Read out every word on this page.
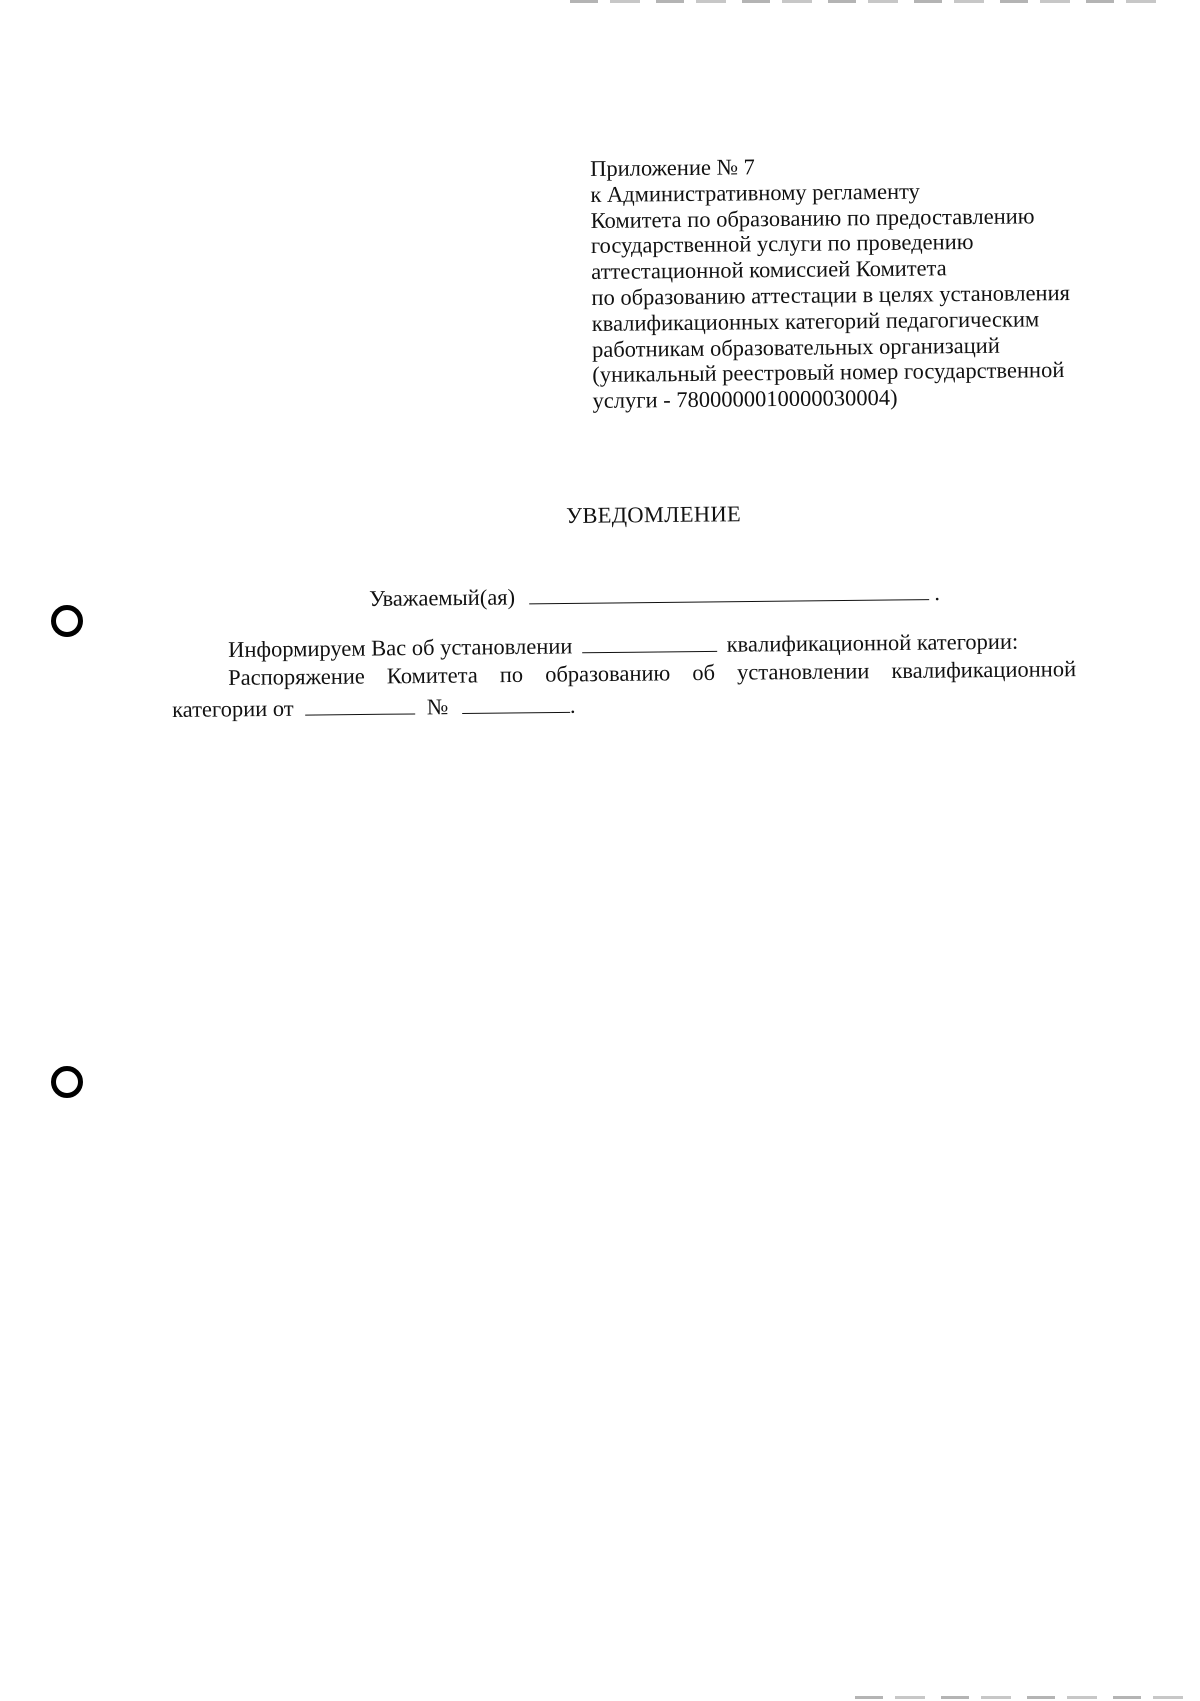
Приложение № 7
к Административному регламенту
Комитета по образованию по предоставлению
государственной услуги по проведению
аттестационной комиссией Комитета
по образованию аттестации в целях установления
квалификационных категорий педагогическим
работникам образовательных организаций
(уникальный реестровый номер государственной
услуги - 7800000010000030004)
УВЕДОМЛЕНИЕ
Уважаемый(ая)	.
Информируем Вас об установлении	квалификационной категории:
Распоряжение Комитета по образованию об установлении квалификационной
категории от	№	.
